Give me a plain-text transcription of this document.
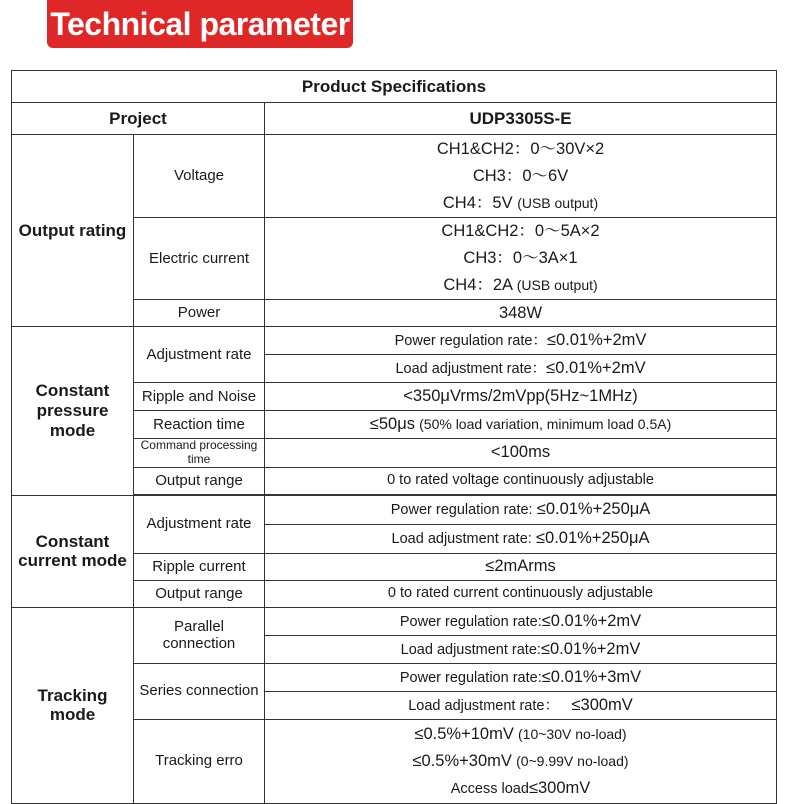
Technical parameter
Product Specifications		
Project		UDP3305S-E
Output rating	Voltage	CH1&CH2：0～30V×2
CH3：0～6V
CH4：5V (USB output)

	Electric current	CH1&CH2：0～5A×2
CH3：0～3A×1
CH4：2A (USB output)

	Power	348W
Constant pressure mode	Adjustment rate	Power regulation rate：≤0.01%+2mV
		Load adjustment rate：≤0.01%+2mV
	Ripple and Noise	<350μVrms/2mVpp(5Hz~1MHz)
	Reaction time	≤50μs (50% load variation, minimum load 0.5A)
	Command processing time	<100ms
	Output range	0 to rated voltage continuously adjustable

Constant current mode	Adjustment rate	Power regulation rate: ≤0.01%+250μA
		Load adjustment rate: ≤0.01%+250μA
	Ripple current	≤2mArms
	Output range	0 to rated current continuously adjustable
Tracking mode	Parallel connection	Power regulation rate:≤0.01%+2mV
		Load adjustment rate:≤0.01%+2mV
	Series connection	Power regulation rate:≤0.01%+3mV
		Load adjustment rate： ≤300mV
	Tracking erro	≤0.5%+10mV (10~30V no-load)
≤0.5%+30mV (0~9.99V no-load)
Access load≤300mV
